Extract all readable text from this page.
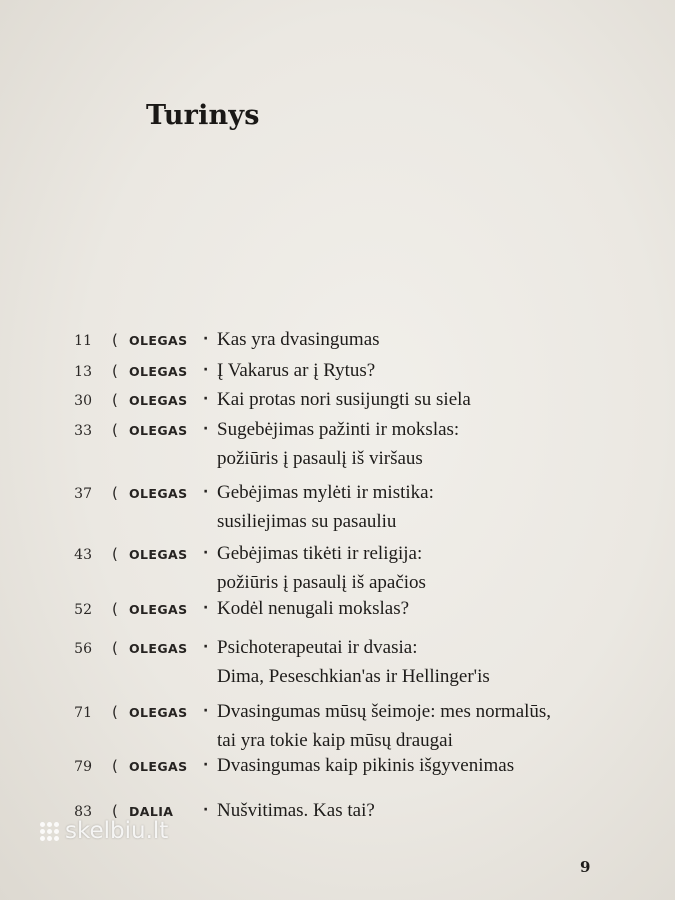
Turinys
11 ( OLEGAS · Kas yra dvasingumas
13 ( OLEGAS · Į Vakarus ar į Rytus?
30 ( OLEGAS · Kai protas nori susijungti su siela
33 ( OLEGAS · Sugebėjimas pažinti ir mokslas:
požiūris į pasaulį iš viršaus
37 ( OLEGAS · Gebėjimas mylėti ir mistika:
susiliejimas su pasauliu
43 ( OLEGAS · Gebėjimas tikėti ir religija:
požiūris į pasaulį iš apačios
52 ( OLEGAS · Kodėl nenugali mokslas?
56 ( OLEGAS · Psichoterapeutai ir dvasia:
Dima, Peseschkian'as ir Hellinger'is
71 ( OLEGAS · Dvasingumas mūsų šeimoje: mes normalūs,
tai yra tokie kaip mūsų draugai
79 ( OLEGAS · Dvasingumas kaip pikinis išgyvenimas
83 ( DALIA · Nušvitimas. Kas tai?
9
skelbiu.lt
